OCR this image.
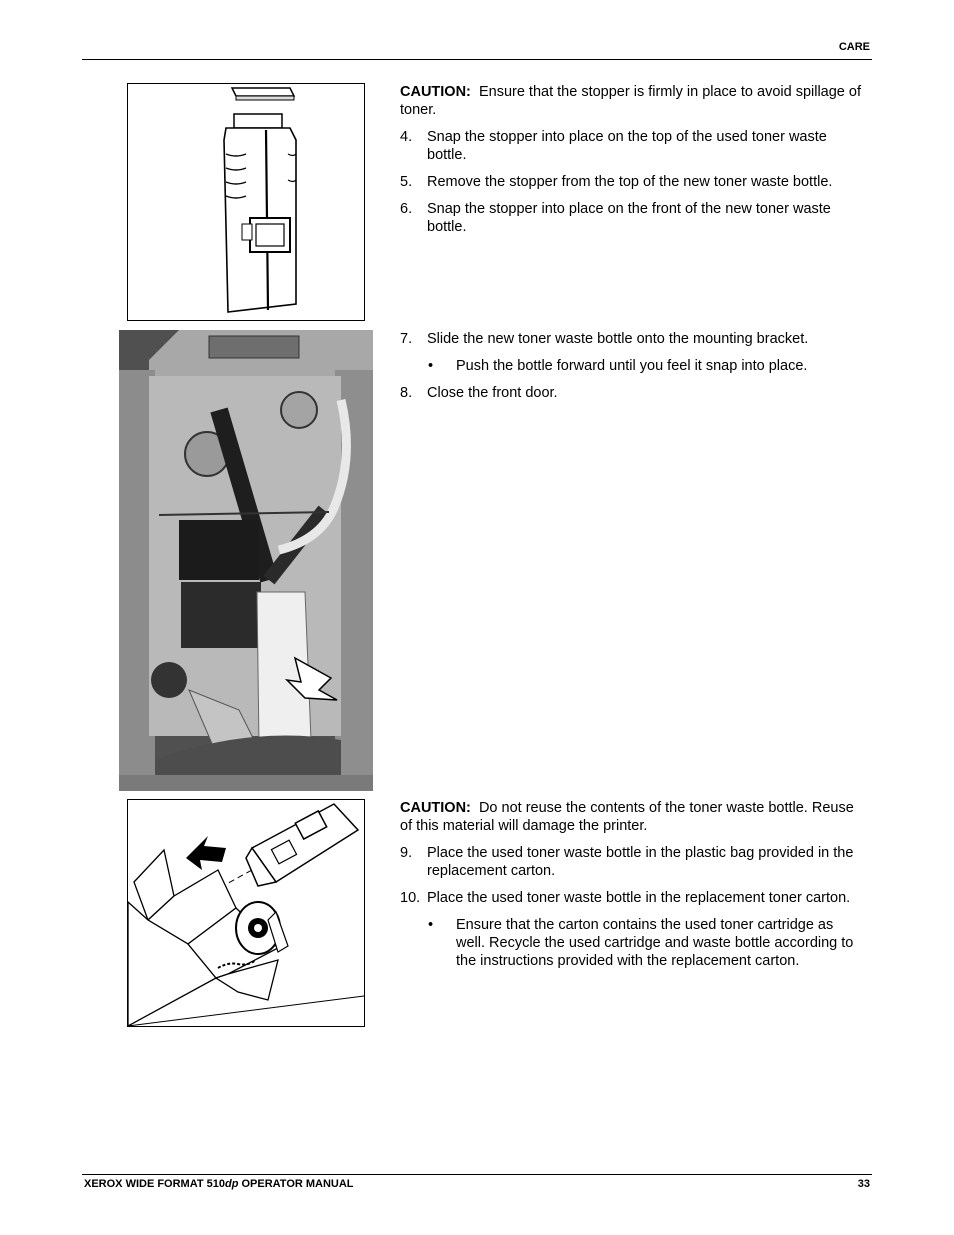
CARE

CAUTION: Ensure that the stopper is firmly in place to avoid spillage of toner.

4.	Snap the stopper into place on the top of the used toner waste bottle.
5.	Remove the stopper from the top of the new toner waste bottle.
6.	Snap the stopper into place on the front of the new toner waste bottle.
7.	Slide the new toner waste bottle onto the mounting bracket.
•	Push the bottle forward until you feel it snap into place.
8.	Close the front door.

CAUTION: Do not reuse the contents of the toner waste bottle. Reuse of this material will damage the printer.

9.	Place the used toner waste bottle in the plastic bag provided in the replacement carton.
10. Place the used toner waste bottle in the replacement toner carton.
•	Ensure that the carton contains the used toner cartridge as well. Recycle the used cartridge and waste bottle according to the instructions provided with the replacement carton.
XEROX WIDE FORMAT 510dp OPERATOR MANUAL	33
